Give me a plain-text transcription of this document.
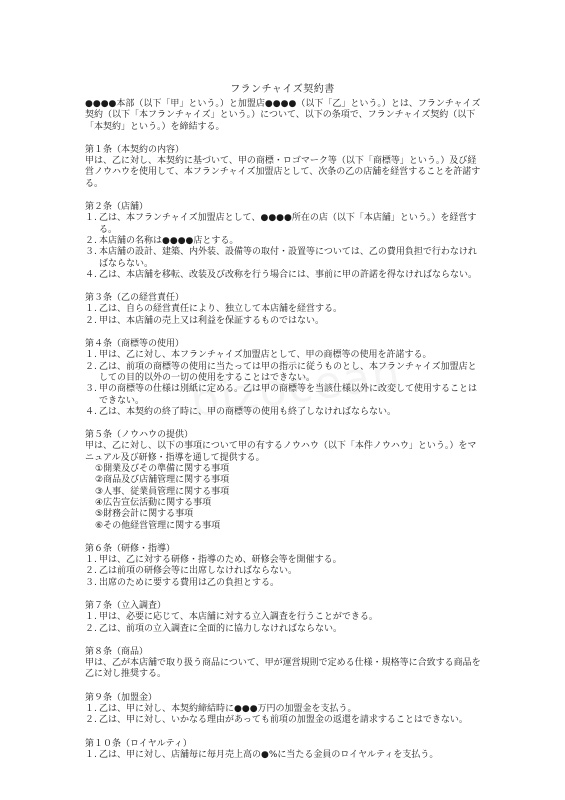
フランチャイズ契約書

●●●●本部（以下「甲」という。）と加盟店●●●●（以下「乙」という。）とは、フランチャイズ契約（以下「本フランチャイズ」という。）について、以下の条項で、フランチャイズ契約（以下「本契約」という。）を締結する。

第１条（本契約の内容）

甲は、乙に対し、本契約に基づいて、甲の商標・ロゴマーク等（以下「商標等」という。）及び経営ノウハウを使用して、本フランチャイズ加盟店として、次条の乙の店舗を経営することを許諾する。

第２条（店舗）

１. 乙は、本フランチャイズ加盟店として、●●●●所在の店（以下「本店舗」という。）を経営する。
２. 本店舗の名称は●●●●店とする。
３. 本店舗の設計、建築、内外装、設備等の取付・設置等については、乙の費用負担で行わなければならない。
４. 乙は、本店舗を移転、改装及び改称を行う場合には、事前に甲の許諾を得なければならない。

第３条（乙の経営責任）

１. 乙は、自らの経営責任により、独立して本店舗を経営する。
２. 甲は、本店舗の売上又は利益を保証するものではない。

第４条（商標等の使用）

１. 甲は、乙に対し、本フランチャイズ加盟店として、甲の商標等の使用を許諾する。
２. 乙は、前項の商標等の使用に当たっては甲の指示に従うものとし、本フランチャイズ加盟店としての目的以外の一切の使用をすることはできない。
３. 甲の商標等の仕様は別紙に定める。乙は甲の商標等を当該仕様以外に改変して使用することはできない。
４. 乙は、本契約の終了時に、甲の商標等の使用も終了しなければならない。

第５条（ノウハウの提供）

甲は、乙に対し、以下の事項について甲の有するノウハウ（以下「本件ノウハウ」という。）をマニュアル及び研修・指導を通して提供する。

①開業及びその準備に関する事項

②商品及び店舗管理に関する事項

③人事、従業員管理に関する事項

④広告宣伝活動に関する事項

⑤財務会計に関する事項

⑥その他経営管理に関する事項

第６条（研修・指導）

１. 甲は、乙に対する研修・指導のため、研修会等を開催する。
２. 乙は前項の研修会等に出席しなければならない。
３. 出席のために要する費用は乙の負担とする。

第７条（立入調査）

１. 甲は、必要に応じて、本店舗に対する立入調査を行うことができる。
２. 乙は、前項の立入調査に全面的に協力しなければならない。

第８条（商品）

甲は、乙が本店舗で取り扱う商品について、甲が運営規則で定める仕様・規格等に合致する商品を乙に対し推奨する。

第９条（加盟金）

１. 乙は、甲に対し、本契約締結時に●●●万円の加盟金を支払う。
２. 乙は、甲に対し、いかなる理由があっても前項の加盟金の返還を請求することはできない。

第１０条（ロイヤルティ）

１. 乙は、甲に対し、店舗毎に毎月売上高の●%に当たる金員のロイヤルティを支払う。
